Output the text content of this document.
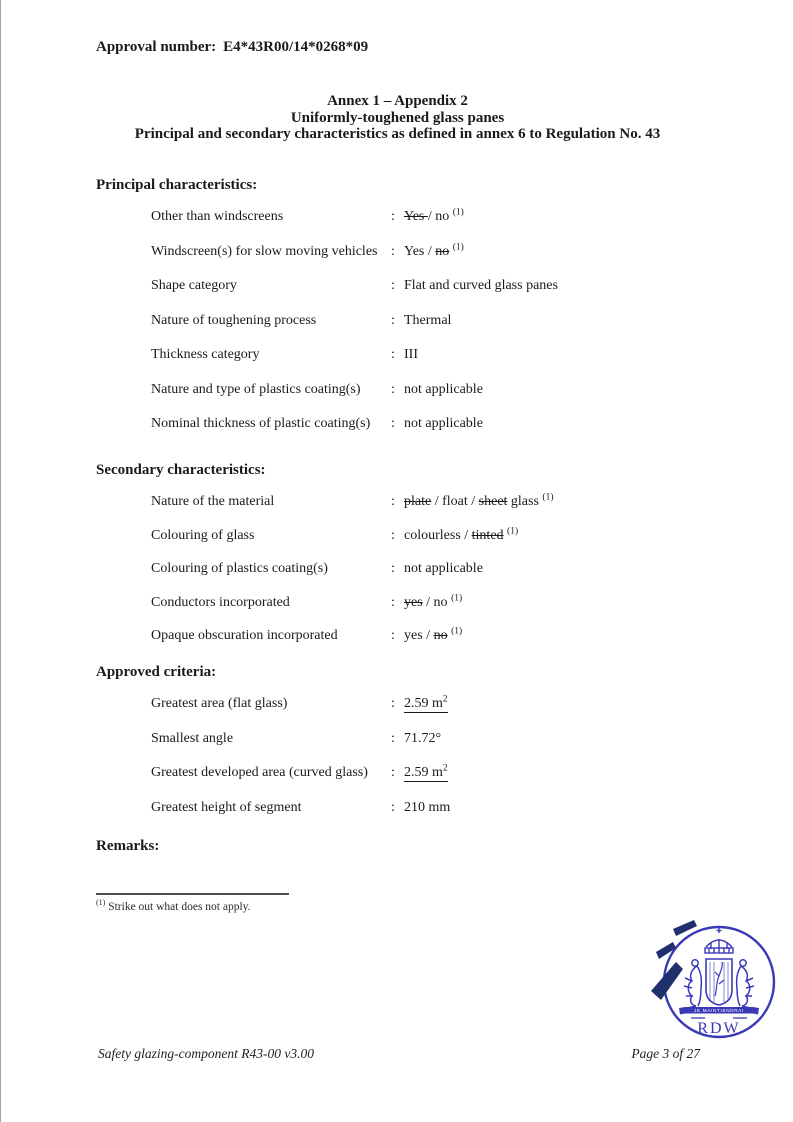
Approval number: E4*43R00/14*0268*09
Annex 1 – Appendix 2
Uniformly-toughened glass panes
Principal and secondary characteristics as defined in annex 6 to Regulation No. 43
Principal characteristics:
Other than windscreens	: Yes / no $^{(1)}$
Windscreen(s) for slow moving vehicles : Yes / no $^{(1)}$
Shape category	: Flat and curved glass panes
Nature of toughening process	: Thermal
Thickness category	: III
Nature and type of plastics coating(s)	: not applicable
Nominal thickness of plastic coating(s)	: not applicable
Secondary characteristics:
Nature of the material	: plate / float / sheet glass $^{(1)}$
Colouring of glass	: colourless / tinted $^{(1)}$
Colouring of plastics coating(s)	: not applicable
Conductors incorporated	: yes / no $^{(1)}$
Opaque obscuration incorporated	: yes / no $^{(1)}$
Approved criteria:
Greatest area (flat glass)	: 2.59 $m^2$
Smallest angle	: 71.72°
Greatest developed area (curved glass)	: 2.59 $m^2$
Greatest height of segment	: 210 mm
Remarks:
$^{(1)}$ Strike out what does not apply.
JE MAINTIENDRAI
RDW
Safety glazing-component R43-00 v3.00	Page 3 of 27
